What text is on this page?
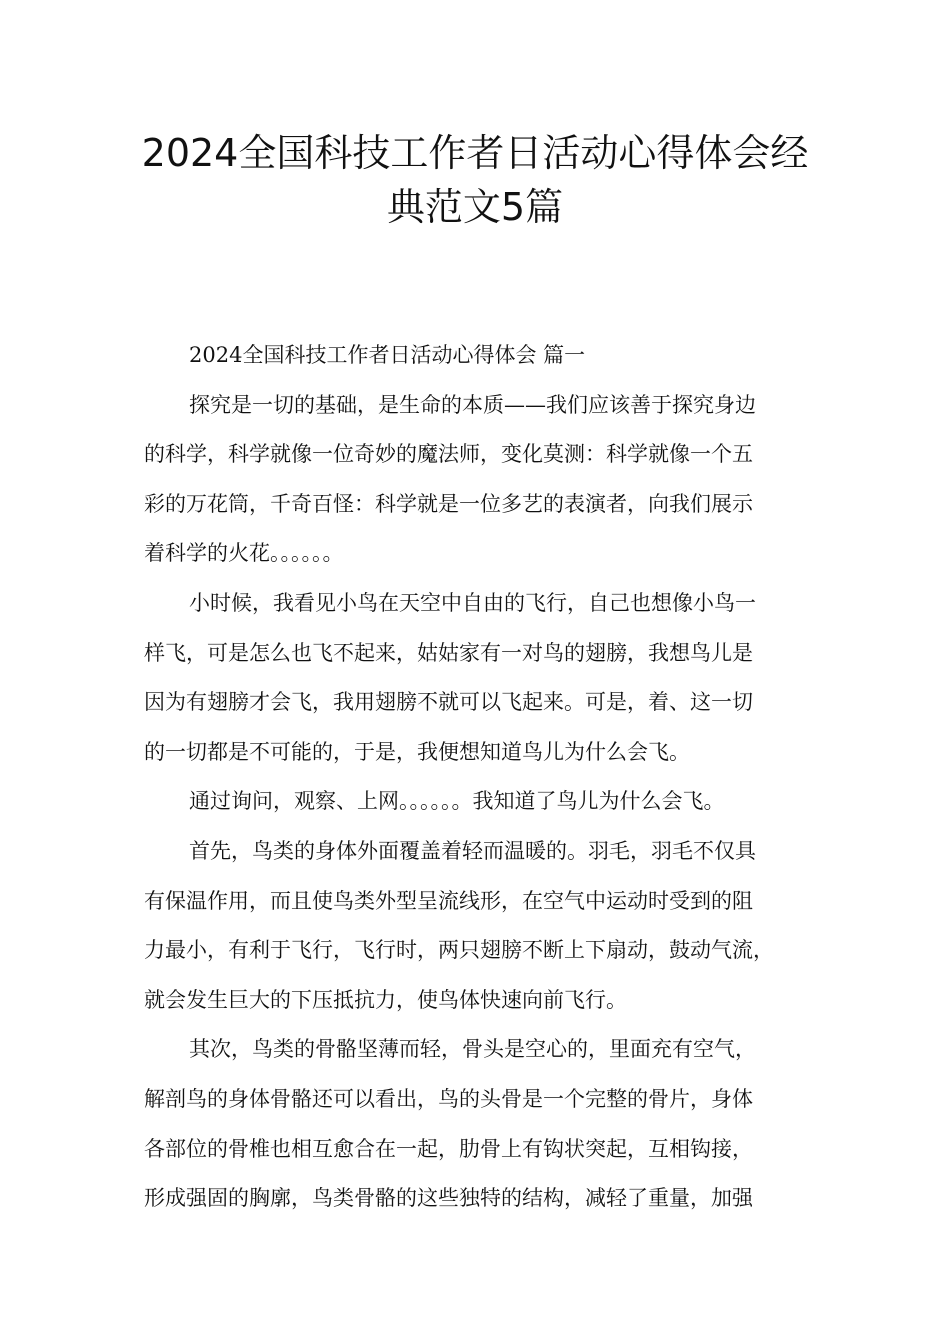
2024全国科技工作者日活动心得体会经
典范文5篇
2024全国科技工作者日活动心得体会 篇一
探究是一切的基础，是生命的本质——我们应该善于探究身边
的科学，科学就像一位奇妙的魔法师，变化莫测：科学就像一个五
彩的万花筒，千奇百怪：科学就是一位多艺的表演者，向我们展示
着科学的火花。。。。。。
小时候，我看见小鸟在天空中自由的飞行，自己也想像小鸟一
样飞，可是怎么也飞不起来，姑姑家有一对鸟的翅膀，我想鸟儿是
因为有翅膀才会飞，我用翅膀不就可以飞起来。可是，着、这一切
的一切都是不可能的，于是，我便想知道鸟儿为什么会飞。
通过询问，观察、上网。。。。。。我知道了鸟儿为什么会飞。
首先，鸟类的身体外面覆盖着轻而温暖的。羽毛，羽毛不仅具
有保温作用，而且使鸟类外型呈流线形，在空气中运动时受到的阻
力最小，有利于飞行，飞行时，两只翅膀不断上下扇动，鼓动气流，
就会发生巨大的下压抵抗力，使鸟体快速向前飞行。
其次，鸟类的骨骼坚薄而轻，骨头是空心的，里面充有空气，
解剖鸟的身体骨骼还可以看出，鸟的头骨是一个完整的骨片，身体
各部位的骨椎也相互愈合在一起，肋骨上有钩状突起，互相钩接，
形成强固的胸廓，鸟类骨骼的这些独特的结构，减轻了重量，加强
